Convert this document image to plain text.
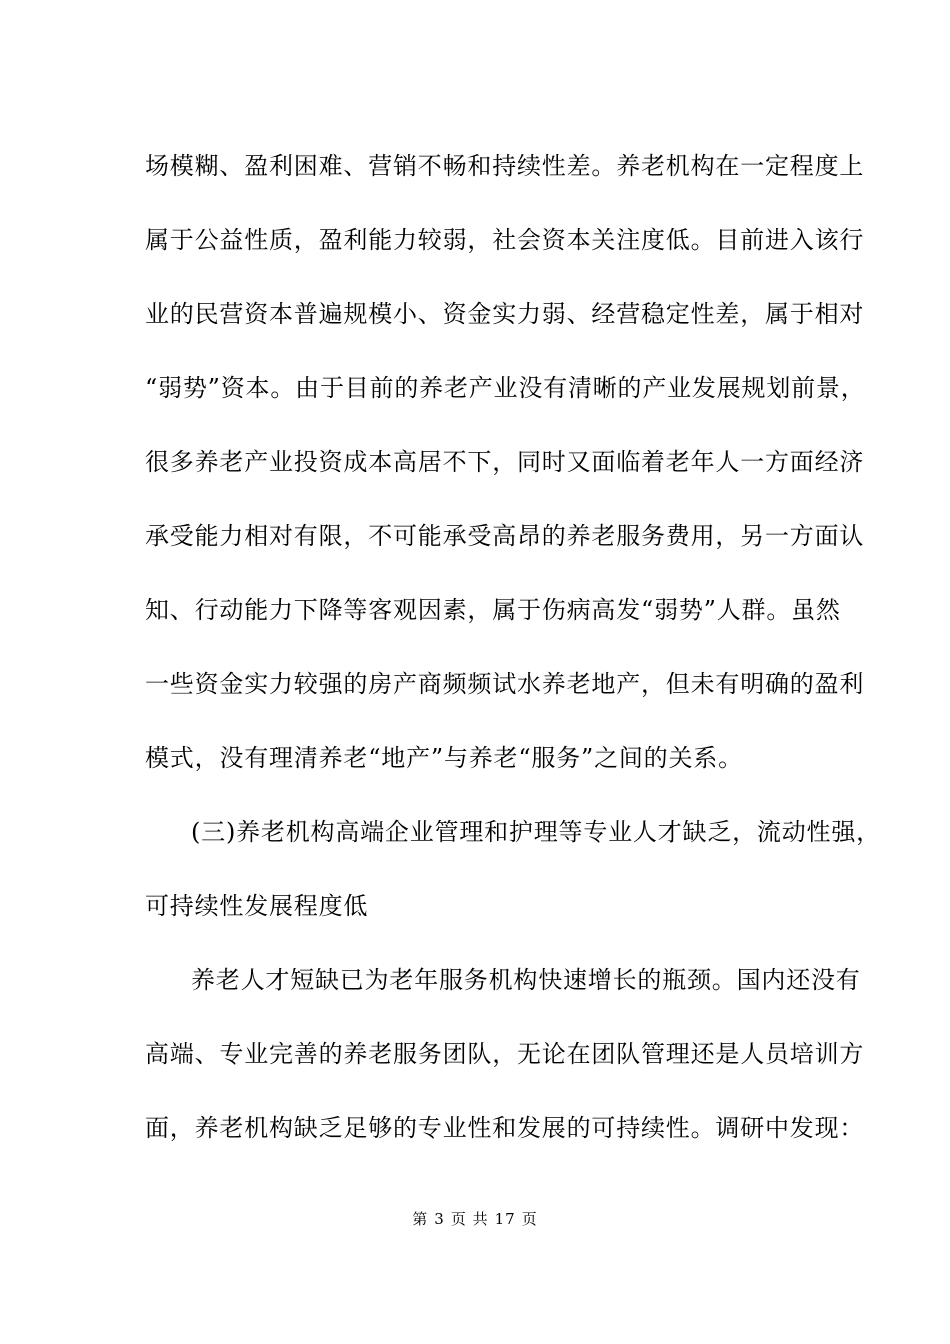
场模糊、盈利困难、营销不畅和持续性差。养老机构在一定程度上
属于公益性质，盈利能力较弱，社会资本关注度低。目前进入该行
业的民营资本普遍规模小、资金实力弱、经营稳定性差，属于相对
“弱势”资本。由于目前的养老产业没有清晰的产业发展规划前景，
很多养老产业投资成本高居不下，同时又面临着老年人一方面经济
承受能力相对有限，不可能承受高昂的养老服务费用，另一方面认
知、行动能力下降等客观因素，属于伤病高发“弱势”人群。虽然
一些资金实力较强的房产商频频试水养老地产，但未有明确的盈利
模式，没有理清养老“地产”与养老“服务”之间的关系。
(三)养老机构高端企业管理和护理等专业人才缺乏，流动性强，
可持续性发展程度低
养老人才短缺已为老年服务机构快速增长的瓶颈。国内还没有
高端、专业完善的养老服务团队，无论在团队管理还是人员培训方
面，养老机构缺乏足够的专业性和发展的可持续性。调研中发现：
第 3 页 共 17 页
